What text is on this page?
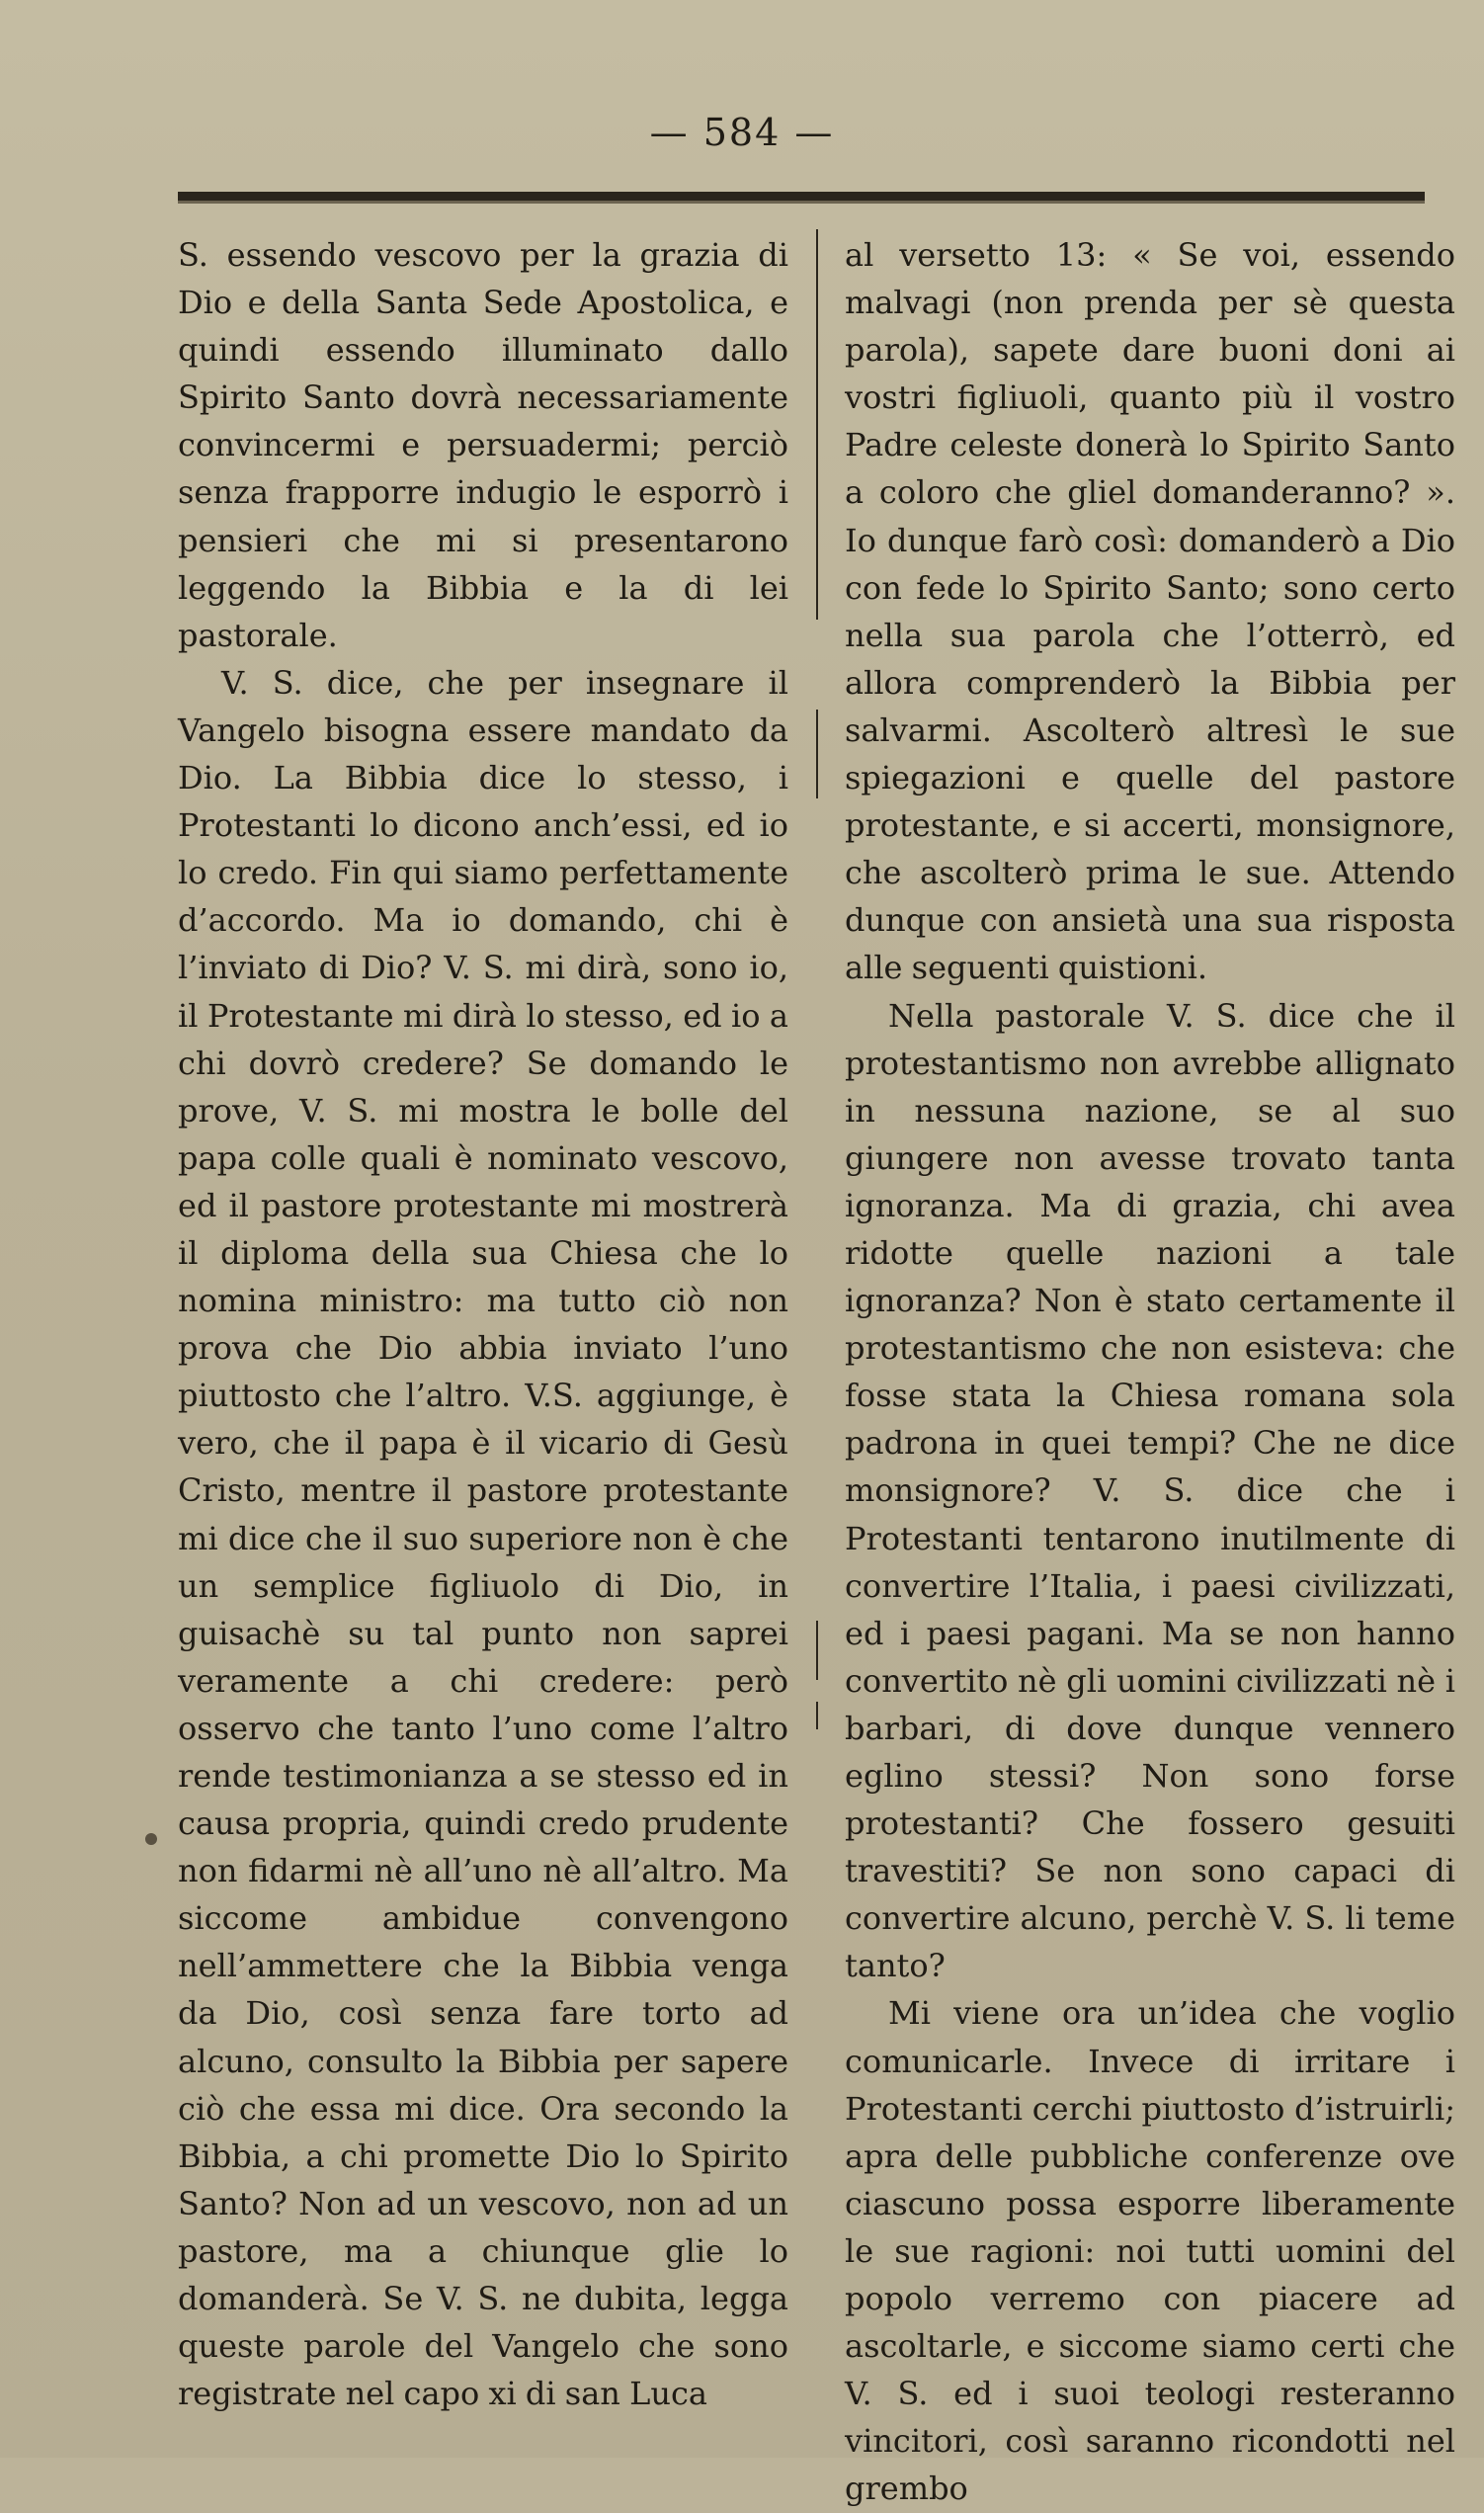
— 584 —

S. essendo vescovo per la grazia di Dio e della Santa Sede Apostolica, e quindi essendo illuminato dallo Spirito Santo dovrà necessariamente convincermi e persuadermi; perciò senza frapporre indugio le esporrò i pensieri che mi si presentarono leggendo la Bibbia e la di lei pastorale.

V. S. dice, che per insegnare il Vangelo bisogna essere mandato da Dio. La Bibbia dice lo stesso, i Protestanti lo dicono anch’essi, ed io lo credo. Fin qui siamo perfettamente d’accordo. Ma io domando, chi è l’inviato di Dio? V. S. mi dirà, sono io, il Protestante mi dirà lo stesso, ed io a chi dovrò credere? Se domando le prove, V. S. mi mostra le bolle del papa colle quali è nominato vescovo, ed il pastore protestante mi mostrerà il diploma della sua Chiesa che lo nomina ministro: ma tutto ciò non prova che Dio abbia inviato l’uno piuttosto che l’altro. V.S. aggiunge, è vero, che il papa è il vicario di Gesù Cristo, mentre il pastore protestante mi dice che il suo superiore non è che un semplice figliuolo di Dio, in guisachè su tal punto non saprei veramente a chi credere: però osservo che tanto l’uno come l’altro rende testimonianza a se stesso ed in causa propria, quindi credo prudente non fidarmi nè all’uno nè all’altro. Ma siccome ambidue convengono nell’ammettere che la Bibbia venga da Dio, così senza fare torto ad alcuno, consulto la Bibbia per sapere ciò che essa mi dice. Ora secondo la Bibbia, a chi promette Dio lo Spirito Santo? Non ad un vescovo, non ad un pastore, ma a chiunque glie lo domanderà. Se V. S. ne dubita, legga queste parole del Vangelo che sono registrate nel capo xi di san Luca

al versetto 13: « Se voi, essendo malvagi (non prenda per sè questa parola), sapete dare buoni doni ai vostri figliuoli, quanto più il vostro Padre celeste donerà lo Spirito Santo a coloro che gliel domanderanno? ». Io dunque farò così: domanderò a Dio con fede lo Spirito Santo; sono certo nella sua parola che l’otterrò, ed allora comprenderò la Bibbia per salvarmi. Ascolterò altresì le sue spiegazioni e quelle del pastore protestante, e si accerti, monsignore, che ascolterò prima le sue. Attendo dunque con ansietà una sua risposta alle seguenti quistioni.

Nella pastorale V. S. dice che il protestantismo non avrebbe allignato in nessuna nazione, se al suo giungere non avesse trovato tanta ignoranza. Ma di grazia, chi avea ridotte quelle nazioni a tale ignoranza? Non è stato certamente il protestantismo che non esisteva: che fosse stata la Chiesa romana sola padrona in quei tempi? Che ne dice monsignore? V. S. dice che i Protestanti tentarono inutilmente di convertire l’Italia, i paesi civilizzati, ed i paesi pagani. Ma se non hanno convertito nè gli uomini civilizzati nè i barbari, di dove dunque vennero eglino stessi? Non sono forse protestanti? Che fossero gesuiti travestiti? Se non sono capaci di convertire alcuno, perchè V. S. li teme tanto?

Mi viene ora un’idea che voglio comunicarle. Invece di irritare i Protestanti cerchi piuttosto d’istruirli; apra delle pubbliche conferenze ove ciascuno possa esporre liberamente le sue ragioni: noi tutti uomini del popolo verremo con piacere ad ascoltarle, e siccome siamo certi che V. S. ed i suoi teologi resteranno vincitori, così saranno ricondotti nel grembo
